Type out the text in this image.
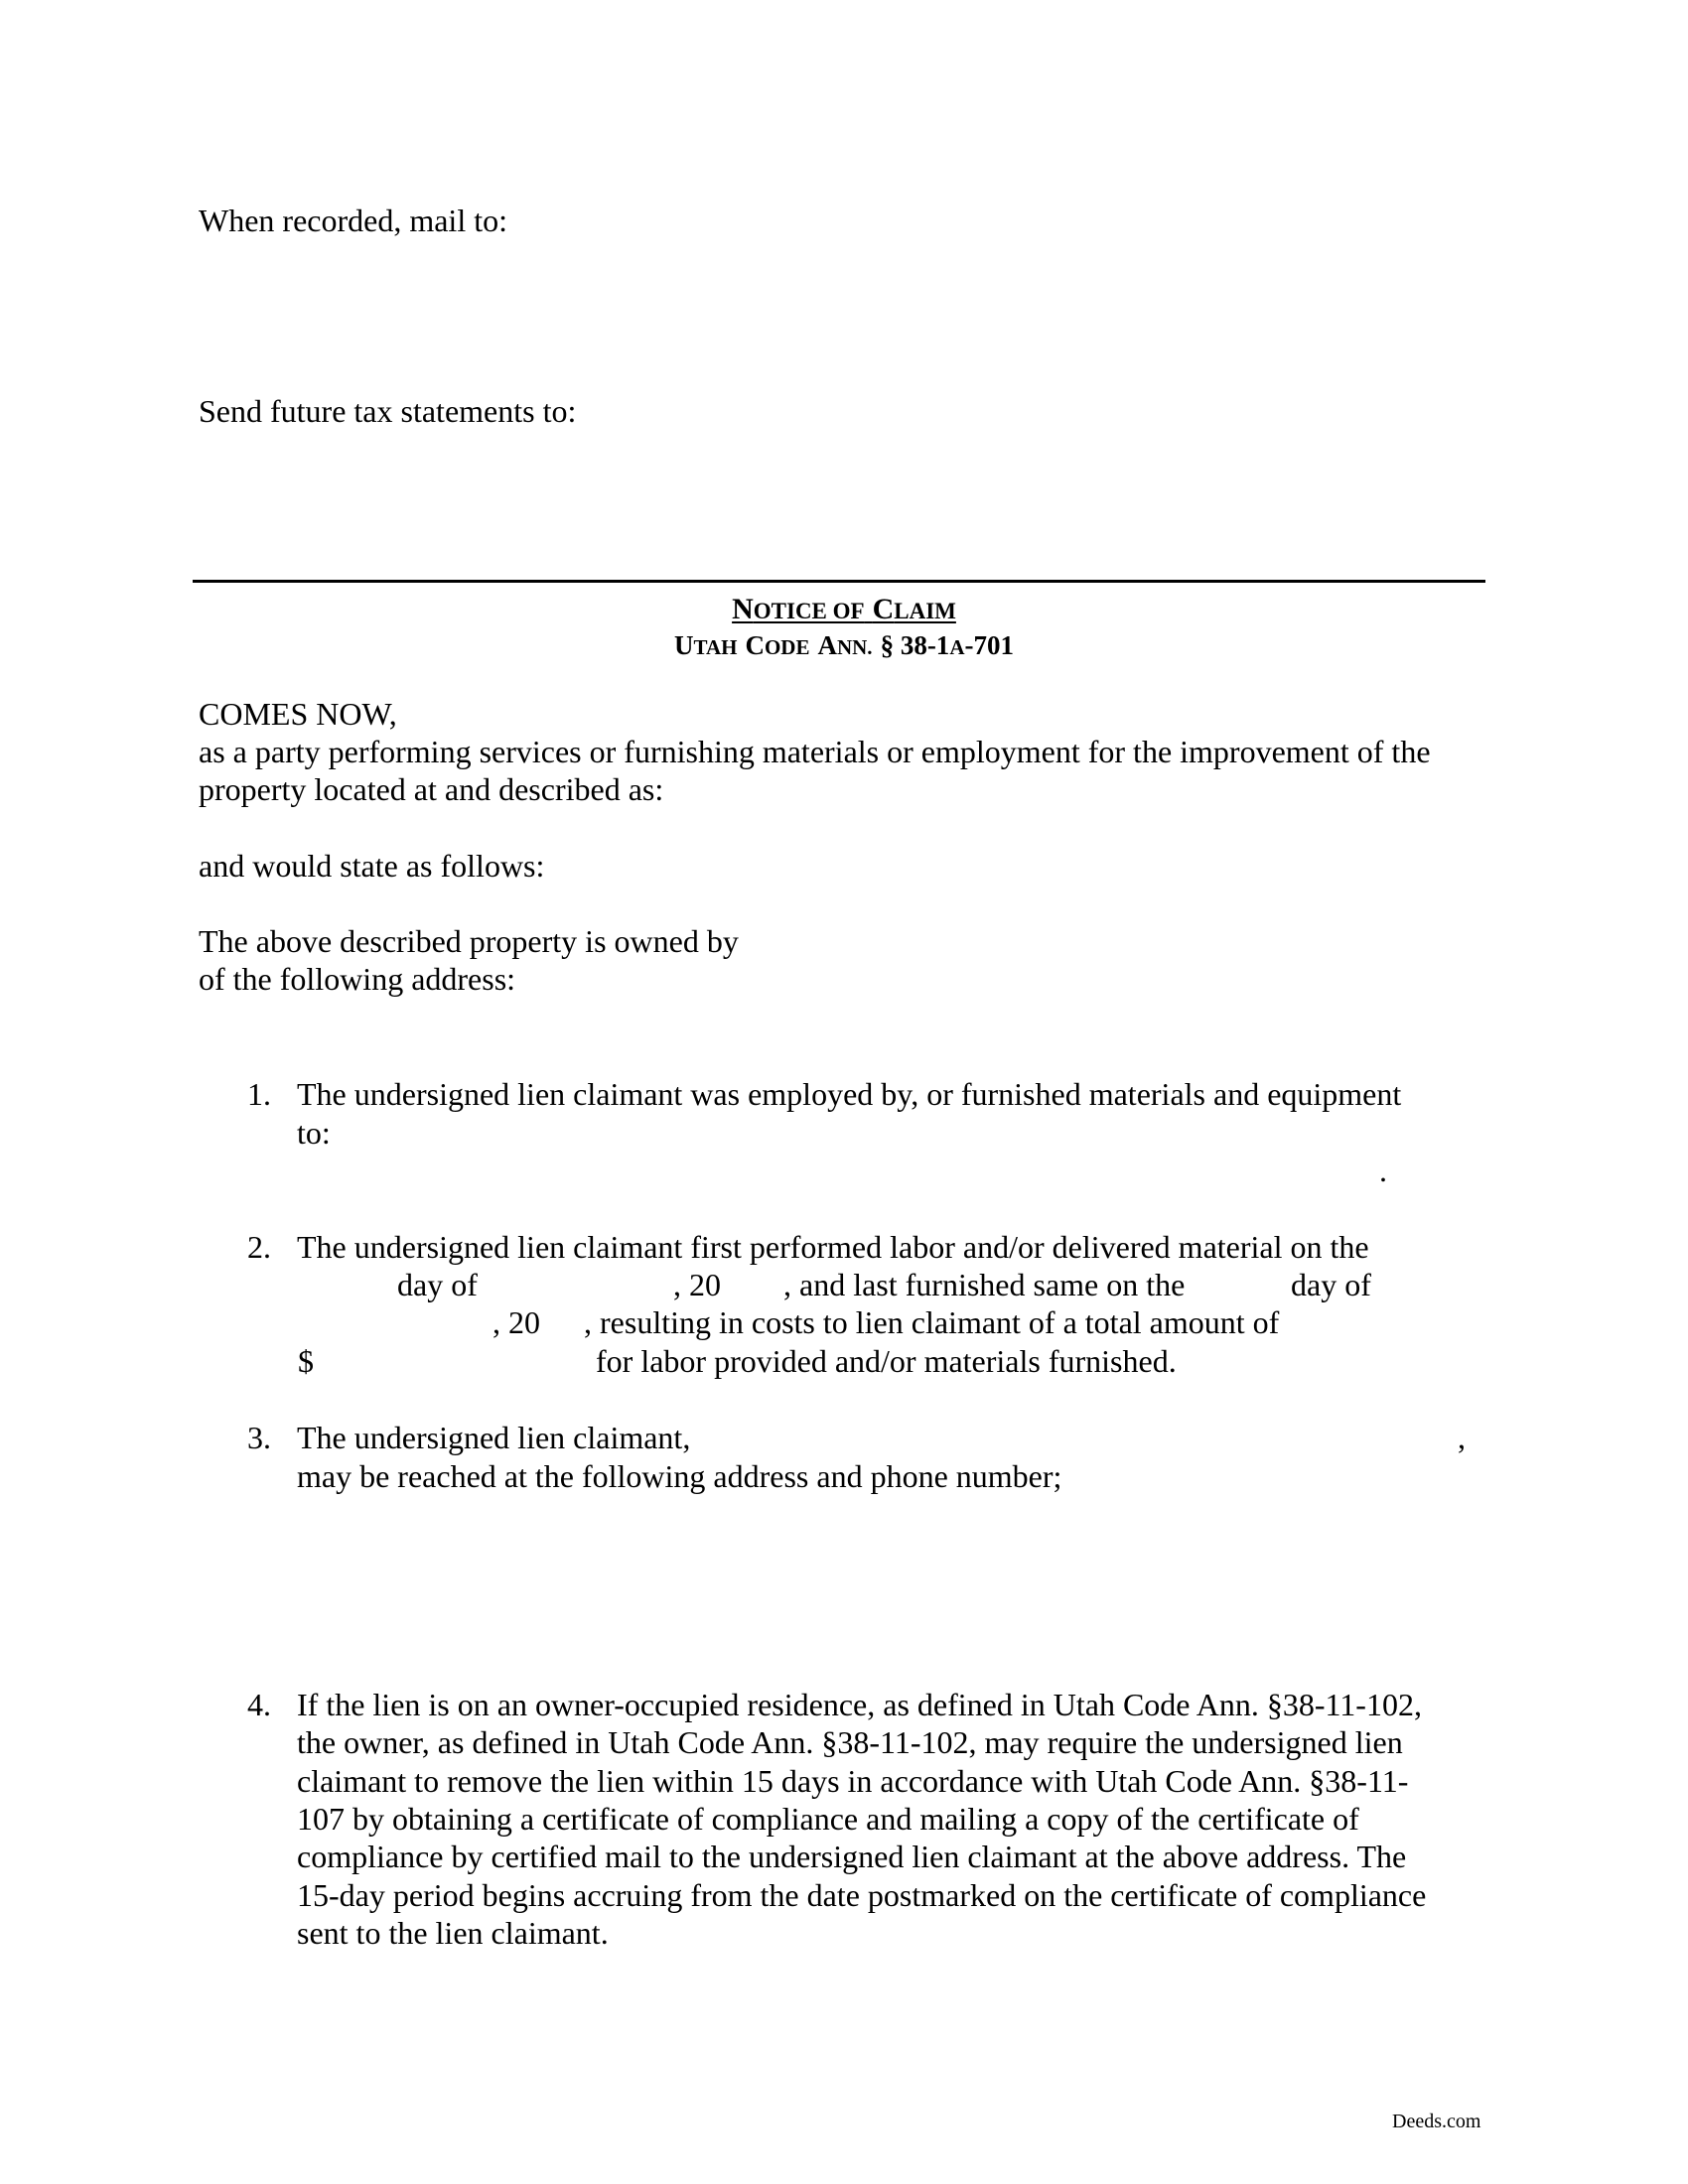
When recorded, mail to:
Send future tax statements to:
NOTICE OF CLAIM
UTAH CODE ANN. § 38-1A-701
COMES NOW,
as a party performing services or furnishing materials or employment for the improvement of the
property located at and described as:
and would state as follows:
The above described property is owned by
of the following address:
1. The undersigned lien claimant was employed by, or furnished materials and equipment
to:
.
2. The undersigned lien claimant first performed labor and/or delivered material on the
day of	, 20 , and last furnished same on the	day of
, 20 , resulting in costs to lien claimant of a total amount of
$	for labor provided and/or materials furnished.
3. The undersigned lien claimant,	,
may be reached at the following address and phone number;
4. If the lien is on an owner-occupied residence, as defined in Utah Code Ann. §38-11-102,
the owner, as defined in Utah Code Ann. §38-11-102, may require the undersigned lien
claimant to remove the lien within 15 days in accordance with Utah Code Ann. §38-11-
107 by obtaining a certificate of compliance and mailing a copy of the certificate of
compliance by certified mail to the undersigned lien claimant at the above address. The
15-day period begins accruing from the date postmarked on the certificate of compliance
sent to the lien claimant.
Deeds.com
